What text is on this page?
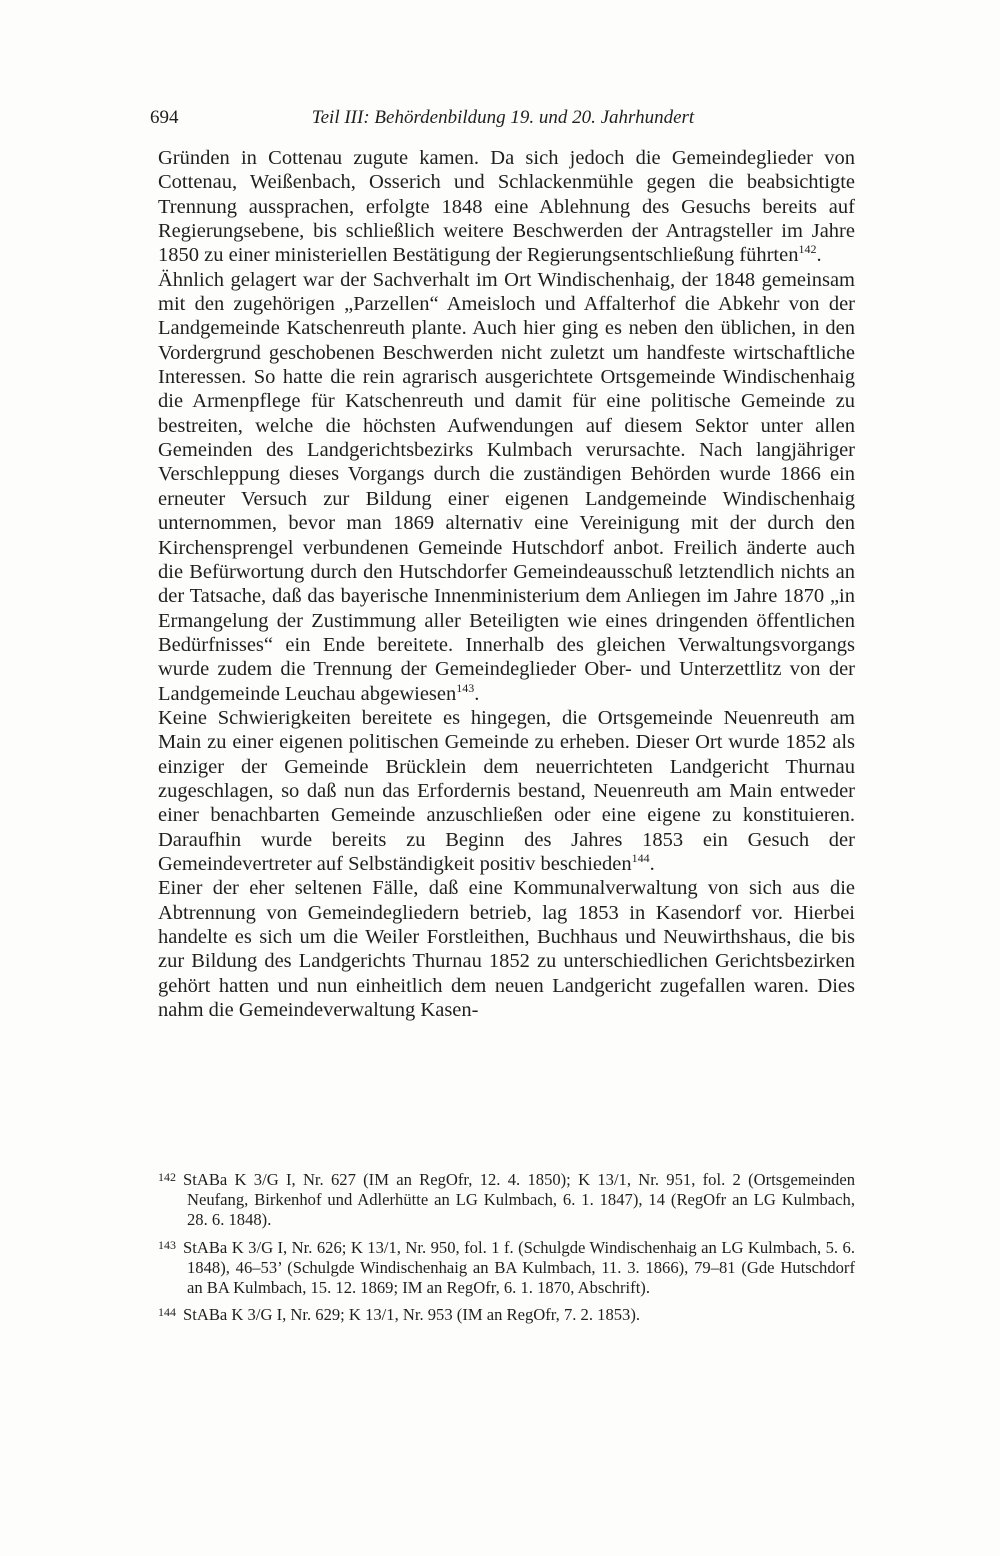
694	Teil III: Behördenbildung 19. und 20. Jahrhundert

Gründen in Cottenau zugute kamen. Da sich jedoch die Gemeindeglieder von Cottenau, Weißenbach, Osserich und Schlackenmühle gegen die beabsichtigte Trennung aussprachen, erfolgte 1848 eine Ablehnung des Gesuchs bereits auf Regierungsebene, bis schließlich weitere Beschwerden der Antragsteller im Jahre 1850 zu einer ministeriellen Bestätigung der Regierungsentschließung führten$^{142}$.

Ähnlich gelagert war der Sachverhalt im Ort Windischenhaig, der 1848 gemeinsam mit den zugehörigen „Parzellen“ Ameisloch und Affalterhof die Abkehr von der Landgemeinde Katschenreuth plante. Auch hier ging es neben den üblichen, in den Vordergrund geschobenen Beschwerden nicht zuletzt um handfeste wirtschaftliche Interessen. So hatte die rein agrarisch ausgerichtete Ortsgemeinde Windischenhaig die Armenpflege für Katschenreuth und damit für eine politische Gemeinde zu bestreiten, welche die höchsten Aufwendungen auf diesem Sektor unter allen Gemeinden des Landgerichtsbezirks Kulmbach verursachte. Nach langjähriger Verschleppung dieses Vorgangs durch die zuständigen Behörden wurde 1866 ein erneuter Versuch zur Bildung einer eigenen Landgemeinde Windischenhaig unternommen, bevor man 1869 alternativ eine Vereinigung mit der durch den Kirchensprengel verbundenen Gemeinde Hutschdorf anbot. Freilich änderte auch die Befürwortung durch den Hutschdorfer Gemeindeausschuß letztendlich nichts an der Tatsache, daß das bayerische Innenministerium dem Anliegen im Jahre 1870 „in Ermangelung der Zustimmung aller Beteiligten wie eines dringenden öffentlichen Bedürfnisses“ ein Ende bereitete. Innerhalb des gleichen Verwaltungsvorgangs wurde zudem die Trennung der Gemeindeglieder Ober- und Unterzettlitz von der Landgemeinde Leuchau abgewiesen$^{143}$.

Keine Schwierigkeiten bereitete es hingegen, die Ortsgemeinde Neuenreuth am Main zu einer eigenen politischen Gemeinde zu erheben. Dieser Ort wurde 1852 als einziger der Gemeinde Brücklein dem neuerrichteten Landgericht Thurnau zugeschlagen, so daß nun das Erfordernis bestand, Neuenreuth am Main entweder einer benachbarten Gemeinde anzuschließen oder eine eigene zu konstituieren. Daraufhin wurde bereits zu Beginn des Jahres 1853 ein Gesuch der Gemeindevertreter auf Selbständigkeit positiv beschieden$^{144}$.

Einer der eher seltenen Fälle, daß eine Kommunalverwaltung von sich aus die Abtrennung von Gemeindegliedern betrieb, lag 1853 in Kasendorf vor. Hierbei handelte es sich um die Weiler Forstleithen, Buchhaus und Neuwirthshaus, die bis zur Bildung des Landgerichts Thurnau 1852 zu unterschiedlichen Gerichtsbezirken gehört hatten und nun einheitlich dem neuen Landgericht zugefallen waren. Dies nahm die Gemeindeverwaltung Kasen-

142 StABa K 3/G I, Nr. 627 (IM an RegOfr, 12. 4. 1850); K 13/1, Nr. 951, fol. 2 (Ortsgemeinden Neufang, Birkenhof und Adlerhütte an LG Kulmbach, 6. 1. 1847), 14 (RegOfr an LG Kulmbach, 28. 6. 1848).

143 StABa K 3/G I, Nr. 626; K 13/1, Nr. 950, fol. 1 f. (Schulgde Windischenhaig an LG Kulmbach, 5. 6. 1848), 46–53’ (Schulgde Windischenhaig an BA Kulmbach, 11. 3. 1866), 79–81 (Gde Hutschdorf an BA Kulmbach, 15. 12. 1869; IM an RegOfr, 6. 1. 1870, Abschrift).

144 StABa K 3/G I, Nr. 629; K 13/1, Nr. 953 (IM an RegOfr, 7. 2. 1853).
